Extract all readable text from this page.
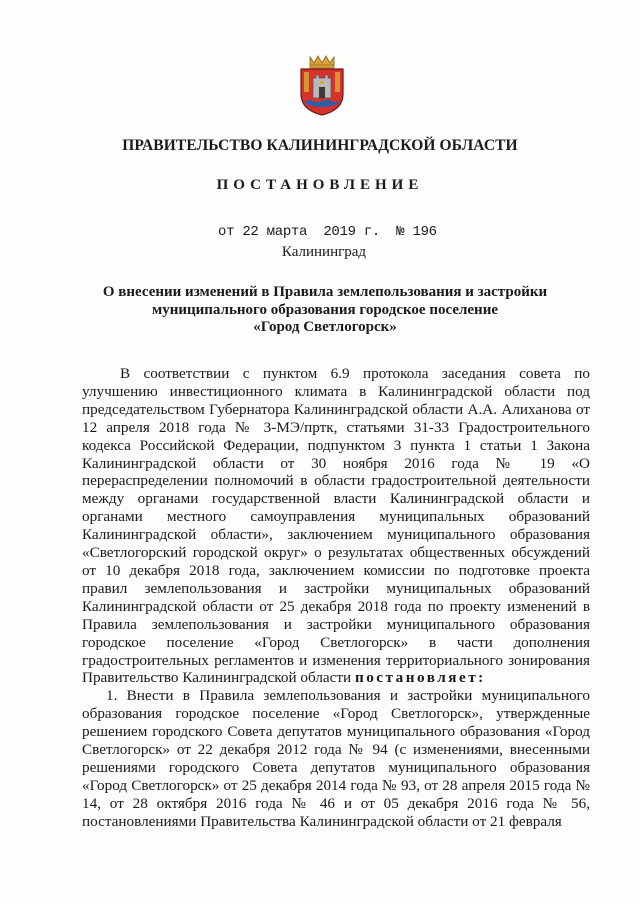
ПРАВИТЕЛЬСТВО КАЛИНИНГРАДСКОЙ ОБЛАСТИ
ПОСТАНОВЛЕНИЕ
от 22 марта 2019 г. № 196
Калининград
О внесении изменений в Правила землепользования и застройки
муниципального образования городское поселение
«Город Светлогорск»

В соответствии с пунктом 6.9 протокола заседания совета по улучшению инвестиционного климата в Калининградской области под председательством Губернатора Калининградской области А.А. Алиханова от 12 апреля 2018 года № 3-МЭ/пртк, статьями 31-33 Градостроительного кодекса Российской Федерации, подпунктом 3 пункта 1 статьи 1 Закона Калининградской области от 30 ноября 2016 года № 19 «О перераспределении полномочий в области градостроительной деятельности между органами государственной власти Калининградской области и органами местного самоуправления муниципальных образований Калининградской области», заключением муниципального образования «Светлогорский городской округ» о результатах общественных обсуждений от 10 декабря 2018 года, заключением комиссии по подготовке проекта правил землепользования и застройки муниципальных образований Калининградской области от 25 декабря 2018 года по проекту изменений в Правила землепользования и застройки муниципального образования городское поселение «Город Светлогорск» в части дополнения градостроительных регламентов и изменения территориального зонирования Правительство Калининградской области постановляет:

1. Внести в Правила землепользования и застройки муниципального образования городское поселение «Город Светлогорск», утвержденные решением городского Совета депутатов муниципального образования «Город Светлогорск» от 22 декабря 2012 года № 94 (с изменениями, внесенными решениями городского Совета депутатов муниципального образования «Город Светлогорск» от 25 декабря 2014 года № 93, от 28 апреля 2015 года № 14, от 28 октября 2016 года № 46 и от 05 декабря 2016 года № 56, постановлениями Правительства Калининградской области от 21 февраля
